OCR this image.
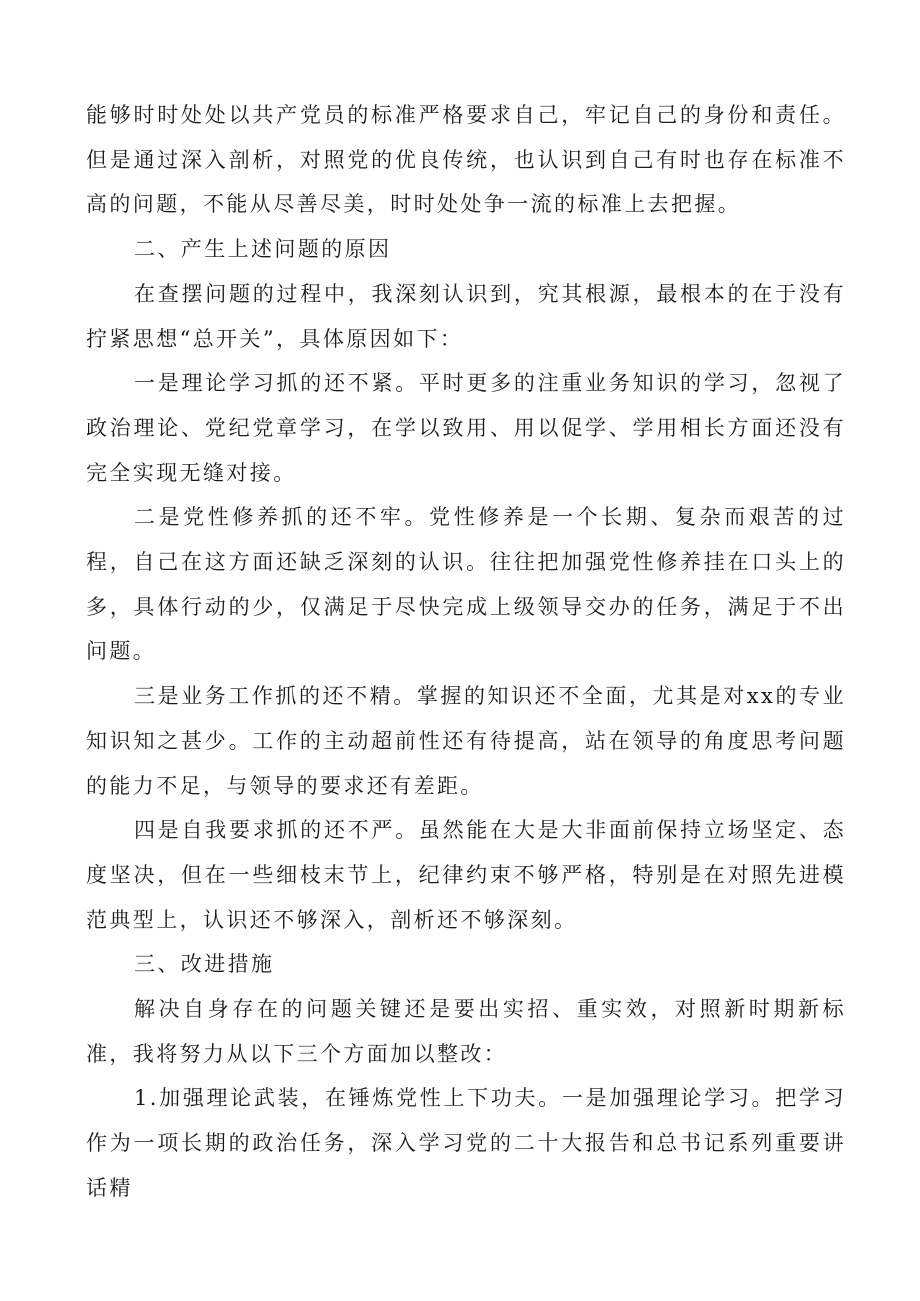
能够时时处处以共产党员的标准严格要求自己，牢记自己的身份和责任。但是通过深入剖析，对照党的优良传统，也认识到自己有时也存在标准不高的问题，不能从尽善尽美，时时处处争一流的标准上去把握。

二、产生上述问题的原因

在查摆问题的过程中，我深刻认识到，究其根源，最根本的在于没有拧紧思想“总开关”，具体原因如下：

一是理论学习抓的还不紧。平时更多的注重业务知识的学习，忽视了政治理论、党纪党章学习，在学以致用、用以促学、学用相长方面还没有完全实现无缝对接。

二是党性修养抓的还不牢。党性修养是一个长期、复杂而艰苦的过程，自己在这方面还缺乏深刻的认识。往往把加强党性修养挂在口头上的多，具体行动的少，仅满足于尽快完成上级领导交办的任务，满足于不出问题。

三是业务工作抓的还不精。掌握的知识还不全面，尤其是对xx的专业知识知之甚少。工作的主动超前性还有待提高，站在领导的角度思考问题的能力不足，与领导的要求还有差距。

四是自我要求抓的还不严。虽然能在大是大非面前保持立场坚定、态度坚决，但在一些细枝末节上，纪律约束不够严格，特别是在对照先进模范典型上，认识还不够深入，剖析还不够深刻。

三、改进措施

解决自身存在的问题关键还是要出实招、重实效，对照新时期新标准，我将努力从以下三个方面加以整改：

1.加强理论武装，在锤炼党性上下功夫。一是加强理论学习。把学习作为一项长期的政治任务，深入学习党的二十大报告和总书记系列重要讲话精
